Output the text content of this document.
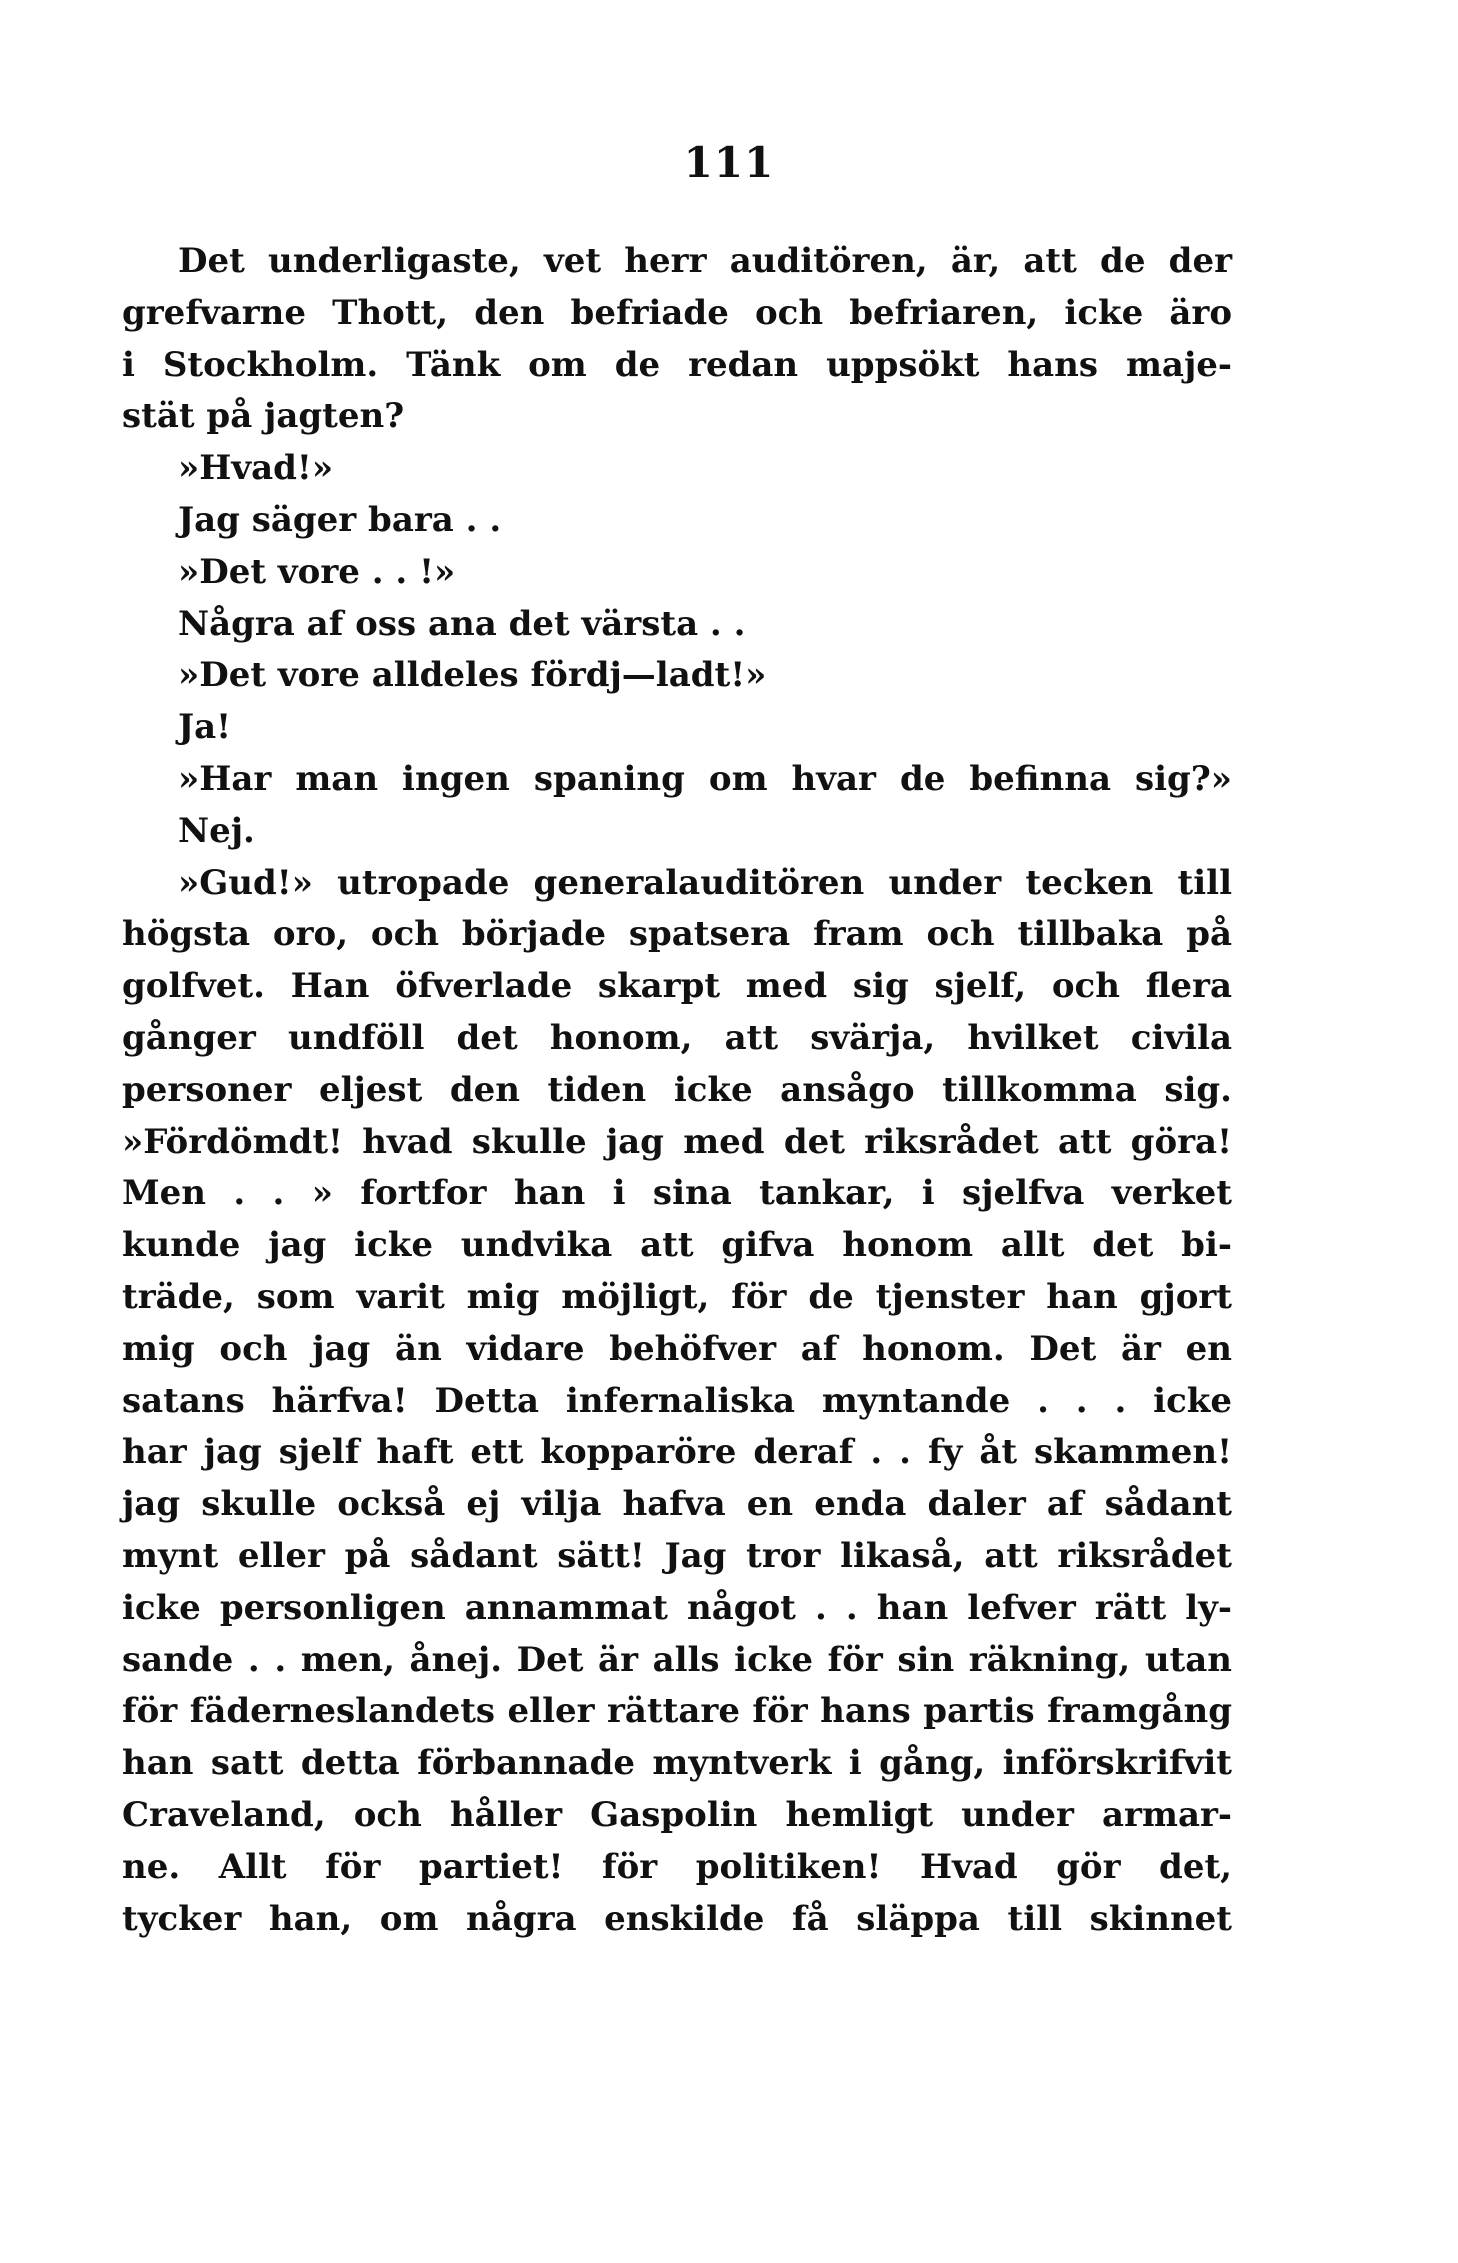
111

Det underligaste, vet herr auditören, är, att de der

grefvarne Thott, den befriade och befriaren, icke äro

i Stockholm. Tänk om de redan uppsökt hans maje-

stät på jagten?

»Hvad!»

Jag säger bara . .

»Det vore . . !»

Några af oss ana det värsta . .

»Det vore alldeles fördj—ladt!»

Ja!

»Har man ingen spaning om hvar de befinna sig?»

Nej.

»Gud!» utropade generalauditören under tecken till

högsta oro, och började spatsera fram och tillbaka på

golfvet. Han öfverlade skarpt med sig sjelf, och flera

gånger undföll det honom, att svärja, hvilket civila

personer eljest den tiden icke ansågo tillkomma sig.

»Fördömdt! hvad skulle jag med det riksrådet att göra!

Men . . » fortfor han i sina tankar, i sjelfva verket

kunde jag icke undvika att gifva honom allt det bi-

träde, som varit mig möjligt, för de tjenster han gjort

mig och jag än vidare behöfver af honom. Det är en

satans härfva! Detta infernaliska myntande . . . icke

har jag sjelf haft ett kopparöre deraf . . fy åt skammen!

jag skulle också ej vilja hafva en enda daler af sådant

mynt eller på sådant sätt! Jag tror likaså, att riksrådet

icke personligen annammat något . . han lefver rätt ly-

sande . . men, ånej. Det är alls icke för sin räkning, utan

för fäderneslandets eller rättare för hans partis framgång

han satt detta förbannade myntverk i gång, införskrifvit

Craveland, och håller Gaspolin hemligt under armar-

ne. Allt för partiet! för politiken! Hvad gör det,

tycker han, om några enskilde få släppa till skinnet
